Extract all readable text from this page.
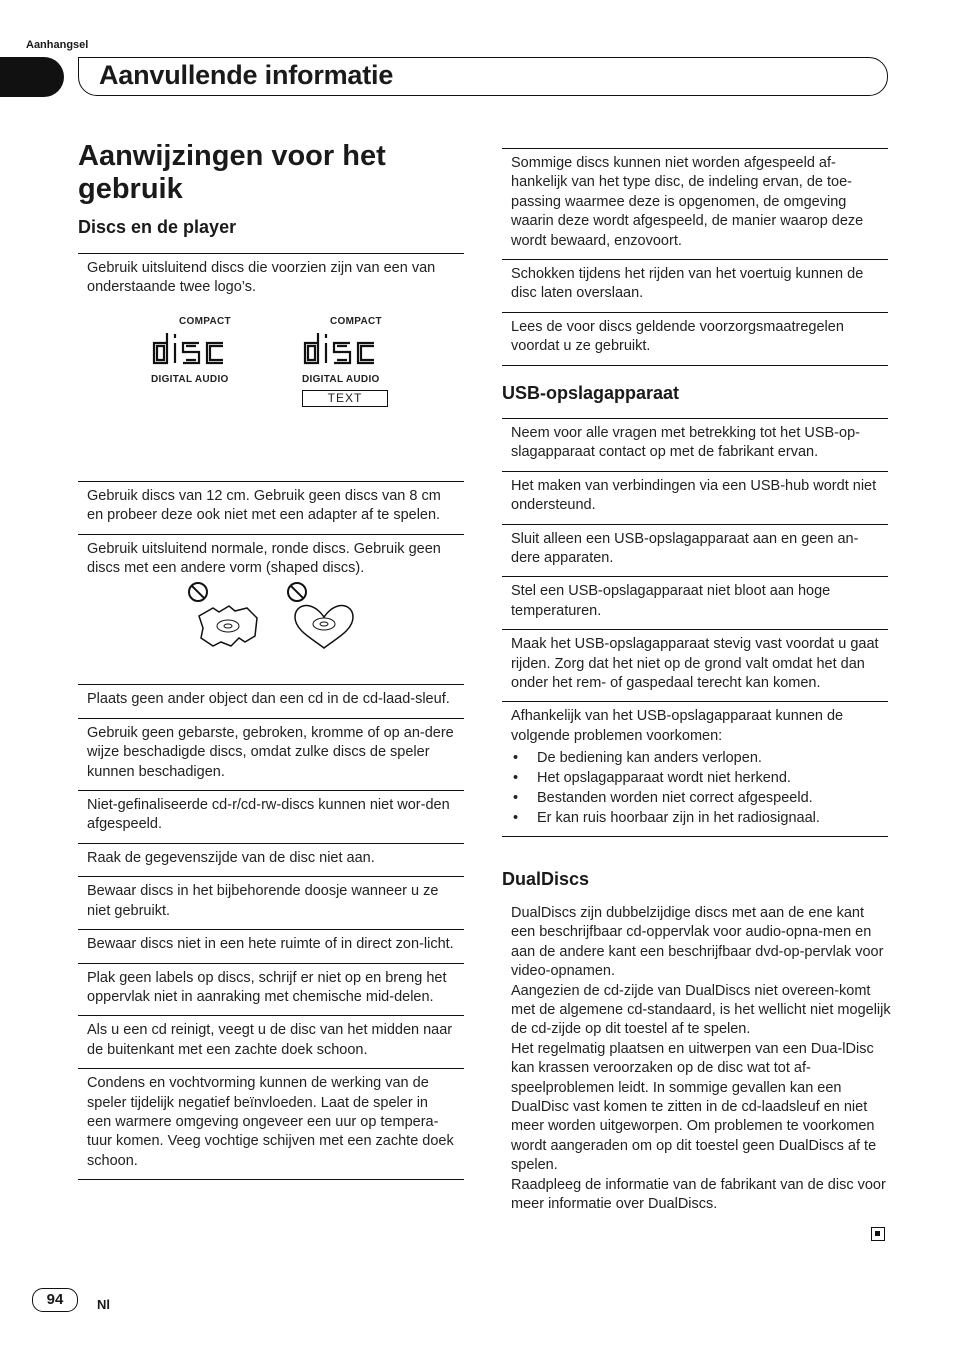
Aanhangsel
Aanvullende informatie
Aanwijzingen voor het gebruik
Discs en de player
Gebruik uitsluitend discs die voorzien zijn van een van onderstaande twee logo’s.
COMPACT
DIGITAL AUDIO
COMPACT
DIGITAL AUDIO
TEXT
Gebruik discs van 12 cm. Gebruik geen discs van 8 cm en probeer deze ook niet met een adapter af te spelen.
Gebruik uitsluitend normale, ronde discs. Gebruik geen discs met een andere vorm (shaped discs).
Plaats geen ander object dan een cd in de cd-laad-sleuf.
Gebruik geen gebarste, gebroken, kromme of op an-dere wijze beschadigde discs, omdat zulke discs de speler kunnen beschadigen.
Niet-gefinaliseerde cd-r/cd-rw-discs kunnen niet wor-den afgespeeld.
Raak de gegevenszijde van de disc niet aan.
Bewaar discs in het bijbehorende doosje wanneer u ze niet gebruikt.
Bewaar discs niet in een hete ruimte of in direct zon-licht.
Plak geen labels op discs, schrijf er niet op en breng het oppervlak niet in aanraking met chemische mid-delen.
Als u een cd reinigt, veegt u de disc van het midden naar de buitenkant met een zachte doek schoon.
Condens en vochtvorming kunnen de werking van de speler tijdelijk negatief beïnvloeden. Laat de speler in een warmere omgeving ongeveer een uur op tempera-tuur komen. Veeg vochtige schijven met een zachte doek schoon.
Sommige discs kunnen niet worden afgespeeld af-hankelijk van het type disc, de indeling ervan, de toe-passing waarmee deze is opgenomen, de omgeving waarin deze wordt afgespeeld, de manier waarop deze wordt bewaard, enzovoort.
Schokken tijdens het rijden van het voertuig kunnen de disc laten overslaan.
Lees de voor discs geldende voorzorgsmaatregelen voordat u ze gebruikt.
USB-opslagapparaat
Neem voor alle vragen met betrekking tot het USB-op-slagapparaat contact op met de fabrikant ervan.
Het maken van verbindingen via een USB-hub wordt niet ondersteund.
Sluit alleen een USB-opslagapparaat aan en geen an-dere apparaten.
Stel een USB-opslagapparaat niet bloot aan hoge temperaturen.
Maak het USB-opslagapparaat stevig vast voordat u gaat rijden. Zorg dat het niet op de grond valt omdat het dan onder het rem- of gaspedaal terecht kan komen.
Afhankelijk van het USB-opslagapparaat kunnen de volgende problemen voorkomen:
• De bediening kan anders verlopen.
• Het opslagapparaat wordt niet herkend.
• Bestanden worden niet correct afgespeeld.
• Er kan ruis hoorbaar zijn in het radiosignaal.
DualDiscs

DualDiscs zijn dubbelzijdige discs met aan de ene kant een beschrijfbaar cd-oppervlak voor audio-opna-men en aan de andere kant een beschrijfbaar dvd-op-pervlak voor video-opnamen.

Aangezien de cd-zijde van DualDiscs niet overeen-komt met de algemene cd-standaard, is het wellicht niet mogelijk de cd-zijde op dit toestel af te spelen.

Het regelmatig plaatsen en uitwerpen van een Dua-lDisc kan krassen veroorzaken op de disc wat tot af-speelproblemen leidt. In sommige gevallen kan een DualDisc vast komen te zitten in de cd-laadsleuf en niet meer worden uitgeworpen. Om problemen te voorkomen wordt aangeraden om op dit toestel geen DualDiscs af te spelen.

Raadpleeg de informatie van de fabrikant van de disc voor meer informatie over DualDiscs.

94	Nl
